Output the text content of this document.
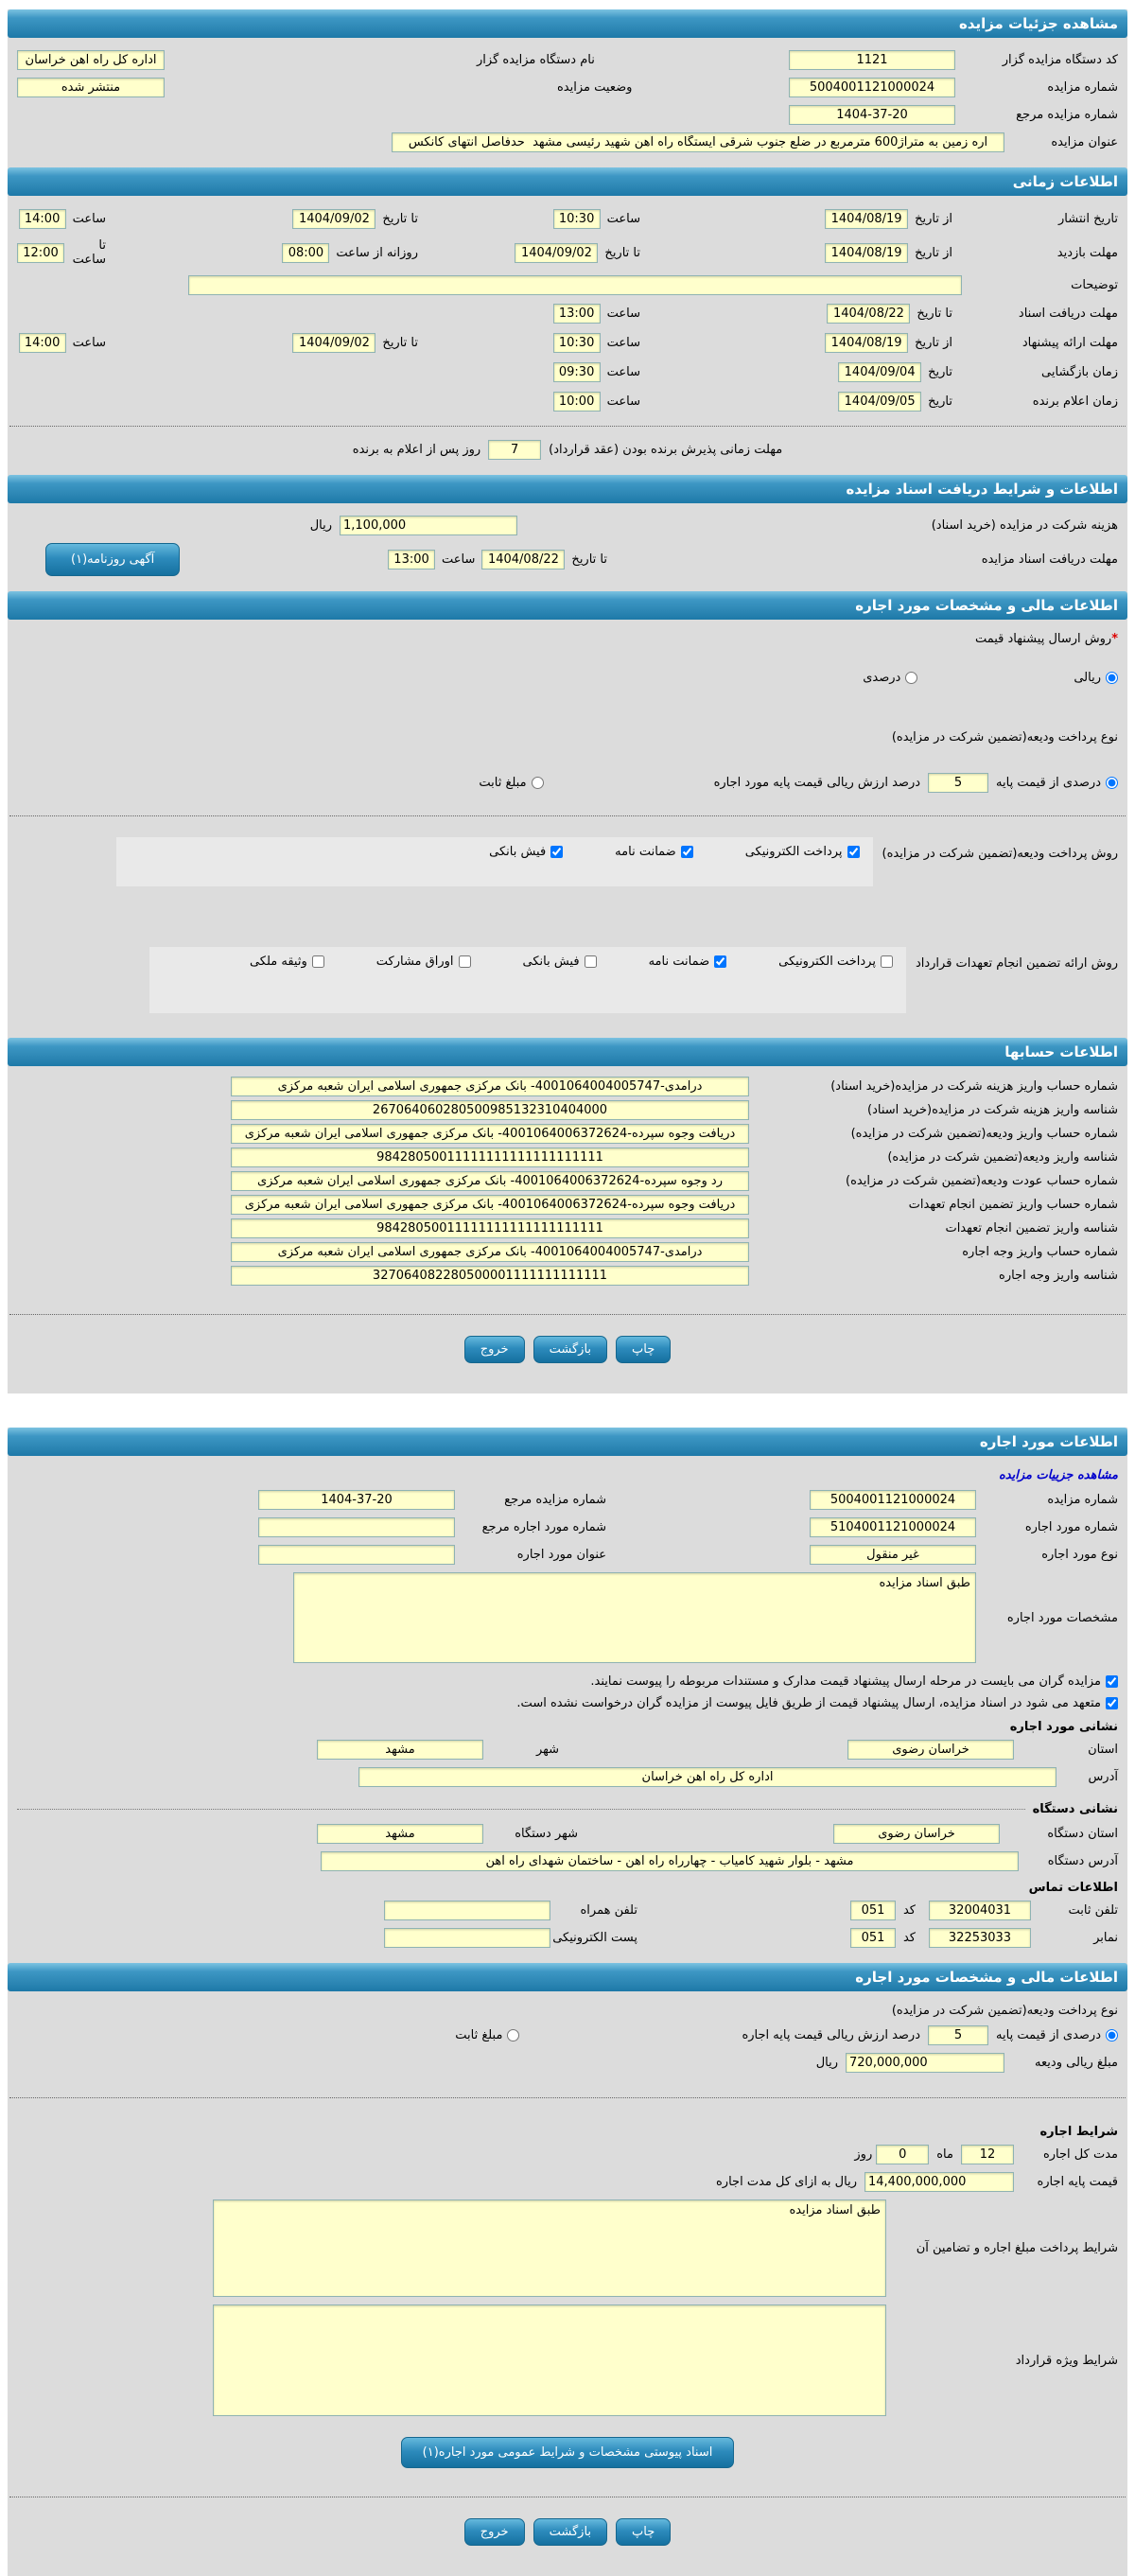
مشاهده جزئیات مزایده
کد دستگاه مزایده گزار
1121
نام دستگاه مزایده گزار
اداره کل راه آهن خراسان
شماره مزایده
5004001121000024
وضعیت مزایده
منتشر شده
شماره مزایده مرجع
1404-37-20
عنوان مزایده
اره زمین به متراژ600 مترمربع در ضلع جنوب شرقی ایستگاه راه آهن شهید رئیسی مشهد حدفاصل انتهای کانکس
اطلاعات زمانی
تاریخ انتشار
از تاریخ
1404/08/19
ساعت
10:30
تا تاریخ
1404/09/02
ساعت
14:00
مهلت بازدید
از تاریخ
1404/08/19
تا تاریخ
1404/09/02
روزانه از ساعت
08:00
تا ساعت
12:00
توضیحات
مهلت دریافت اسناد
تا تاریخ
1404/08/22
ساعت
13:00
مهلت ارائه پیشنهاد
از تاریخ
1404/08/19
ساعت
10:30
تا تاریخ
1404/09/02
ساعت
14:00
زمان بازگشایی
تاریخ
1404/09/04
ساعت
09:30
زمان اعلام برنده
تاریخ
1404/09/05
ساعت
10:00
مهلت زمانی پذیرش برنده بودن (عقد قرارداد)
7
روز پس از اعلام به برنده
اطلاعات و شرایط دریافت اسناد مزایده
هزینه شرکت در مزایده (خرید اسناد)
1,100,000
ریال
مهلت دریافت اسناد مزایده
تا تاریخ
1404/08/22
ساعت
13:00
آگهی روزنامه(۱)
اطلاعات مالی و مشخصات مورد اجاره
*
روش ارسال پیشنهاد قیمت
ریالی
درصدی
نوع پرداخت ودیعه(تضمین شرکت در مزایده)
درصدی از قیمت پایه
5
درصد ارزش ریالی قیمت پایه مورد اجاره
مبلغ ثابت
روش پرداخت ودیعه(تضمین شرکت در مزایده)
پرداخت الکترونیکی
ضمانت نامه
فیش بانکی
روش ارائه تضمین انجام تعهدات قرارداد
پرداخت الکترونیکی
ضمانت نامه
فیش بانکی
اوراق مشارکت
وثیقه ملکی
اطلاعات حسابها
شماره حساب واریز هزینه شرکت در مزایده(خرید اسناد)
درآمدی-4001064004005747- بانک مرکزی جمهوری اسلامی ایران شعبه مرکزی
شناسه واریز هزینه شرکت در مزایده(خرید اسناد)
267064060280500985132310404000
شماره حساب واریز ودیعه(تضمین شرکت در مزایده)
دریافت وجوه سپرده-4001064006372624- بانک مرکزی جمهوری اسلامی ایران شعبه مرکزی
شناسه واریز ودیعه(تضمین شرکت در مزایده)
98428050011111111111111111111
شماره حساب عودت ودیعه(تضمین شرکت در مزایده)
رد وجوه سپرده-4001064006372624- بانک مرکزی جمهوری اسلامی ایران شعبه مرکزی
شماره حساب واریز تضمین انجام تعهدات
دریافت وجوه سپرده-4001064006372624- بانک مرکزی جمهوری اسلامی ایران شعبه مرکزی
شناسه واریز تضمین انجام تعهدات
98428050011111111111111111111
شماره حساب واریز وجه اجاره
درآمدی-4001064004005747- بانک مرکزی جمهوری اسلامی ایران شعبه مرکزی
شناسه واریز وجه اجاره
327064082280500001111111111111
چاپ
بازگشت
خروج
اطلاعات مورد اجاره
مشاهده جزییات مزایده
شماره مزایده
5004001121000024
شماره مزایده مرجع
1404-37-20
شماره مورد اجاره
5104001121000024
شماره مورد اجاره مرجع
نوع مورد اجاره
غیر منقول
عنوان مورد اجاره
مشخصات مورد اجاره
طبق اسناد مزایده
مزایده گران می بایست در مرحله ارسال پیشنهاد قیمت مدارک و مستندات مربوطه را پیوست نمایند.
متعهد می شود در اسناد مزایده، ارسال پیشنهاد قیمت از طریق فایل پیوست از مزایده گران درخواست نشده است.
نشانی مورد اجاره
استان
خراسان رضوی
شهر
مشهد
آدرس
اداره کل راه آهن خراسان
نشانی دستگاه
استان دستگاه
خراسان رضوی
شهر دستگاه
مشهد
آدرس دستگاه
مشهد - بلوار شهید کامیاب - چهارراه راه آهن - ساختمان شهدای راه آهن
اطلاعات تماس
تلفن ثابت
32004031
کد
051
تلفن همراه
نمابر
32253033
کد
051
پست الکترونیکی
اطلاعات مالی و مشخصات مورد اجاره
نوع پرداخت ودیعه(تضمین شرکت در مزایده)
درصدی از قیمت پایه
5
درصد ارزش ریالی قیمت پایه اجاره
مبلغ ثابت
مبلغ ریالی ودیعه
720,000,000
ریال
شرایط اجاره
مدت کل اجاره
12
ماه
0
روز
قیمت پایه اجاره
14,400,000,000
ریال به ازای کل مدت اجاره
شرایط پرداخت مبلغ اجاره و تضامین آن
طبق اسناد مزایده
شرایط ویژه قرارداد
اسناد پیوستی مشخصات و شرایط عمومی مورد اجاره(۱)
چاپ
بازگشت
خروج
